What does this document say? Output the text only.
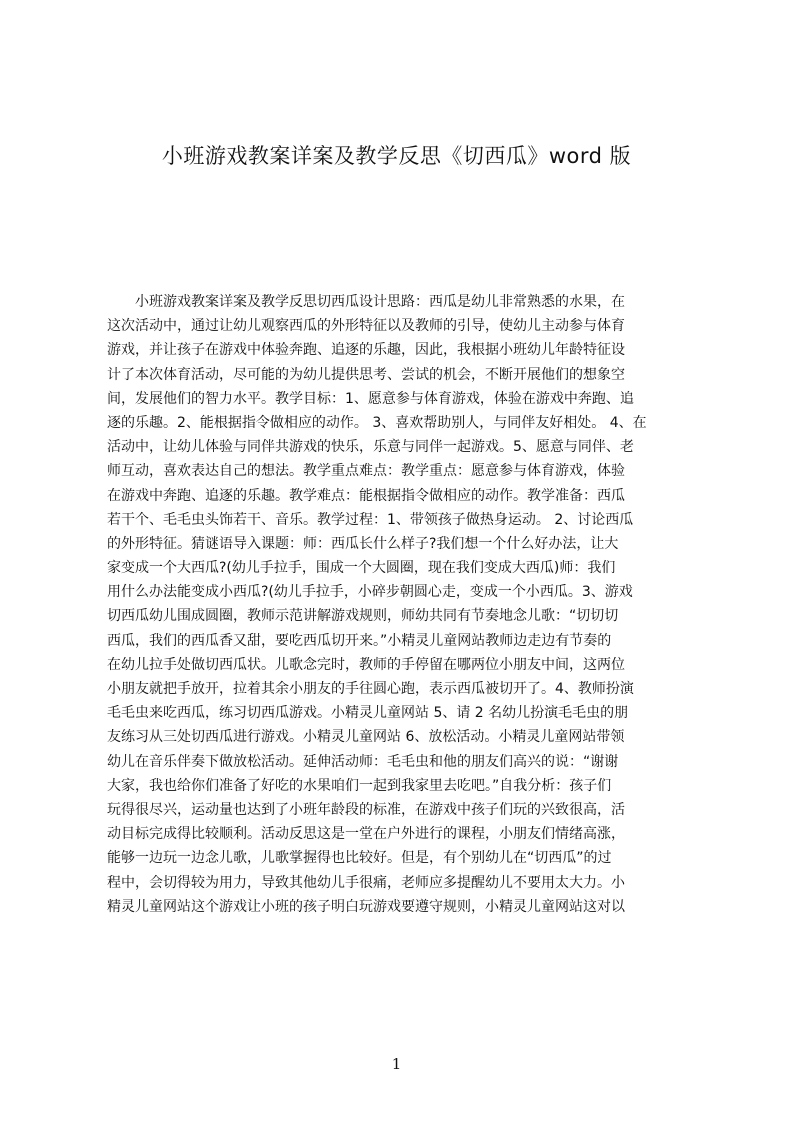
小班游戏教案详案及教学反思《切西瓜》word 版
　　小班游戏教案详案及教学反思切西瓜设计思路：西瓜是幼儿非常熟悉的水果，在
这次活动中，通过让幼儿观察西瓜的外形特征以及教师的引导，使幼儿主动参与体育
游戏，并让孩子在游戏中体验奔跑、追逐的乐趣，因此，我根据小班幼儿年龄特征设
计了本次体育活动，尽可能的为幼儿提供思考、尝试的机会，不断开展他们的想象空
间，发展他们的智力水平。教学目标：1、愿意参与体育游戏，体验在游戏中奔跑、追
逐的乐趣。2、能根据指令做相应的动作。 3、喜欢帮助别人，与同伴友好相处。 4、在
活动中，让幼儿体验与同伴共游戏的快乐，乐意与同伴一起游戏。5、愿意与同伴、老
师互动，喜欢表达自己的想法。教学重点难点：教学重点：愿意参与体育游戏，体验
在游戏中奔跑、追逐的乐趣。教学难点：能根据指令做相应的动作。教学准备：西瓜
若干个、毛毛虫头饰若干、音乐。教学过程：1、带领孩子做热身运动。 2、讨论西瓜
的外形特征。猜谜语导入课题：师：西瓜长什么样子?我们想一个什么好办法，让大
家变成一个大西瓜?(幼儿手拉手，围成一个大圆圈，现在我们变成大西瓜)师：我们
用什么办法能变成小西瓜?(幼儿手拉手，小碎步朝圆心走，变成一个小西瓜。3、游戏
切西瓜幼儿围成圆圈，教师示范讲解游戏规则，师幼共同有节奏地念儿歌：“切切切
西瓜，我们的西瓜香又甜，要吃西瓜切开来。”小精灵儿童网站教师边走边有节奏的
在幼儿拉手处做切西瓜状。儿歌念完时，教师的手停留在哪两位小朋友中间，这两位
小朋友就把手放开，拉着其余小朋友的手往圆心跑，表示西瓜被切开了。4、教师扮演
毛毛虫来吃西瓜，练习切西瓜游戏。小精灵儿童网站 5、请 2 名幼儿扮演毛毛虫的朋
友练习从三处切西瓜进行游戏。小精灵儿童网站 6、放松活动。小精灵儿童网站带领
幼儿在音乐伴奏下做放松活动。延伸活动师：毛毛虫和他的朋友们高兴的说：“谢谢
大家，我也给你们准备了好吃的水果咱们一起到我家里去吃吧。”自我分析：孩子们
玩得很尽兴，运动量也达到了小班年龄段的标准，在游戏中孩子们玩的兴致很高，活
动目标完成得比较顺利。活动反思这是一堂在户外进行的课程，小朋友们情绪高涨，
能够一边玩一边念儿歌，儿歌掌握得也比较好。但是，有个别幼儿在“切西瓜”的过
程中，会切得较为用力，导致其他幼儿手很痛，老师应多提醒幼儿不要用太大力。小
精灵儿童网站这个游戏让小班的孩子明白玩游戏要遵守规则，小精灵儿童网站这对以
1
